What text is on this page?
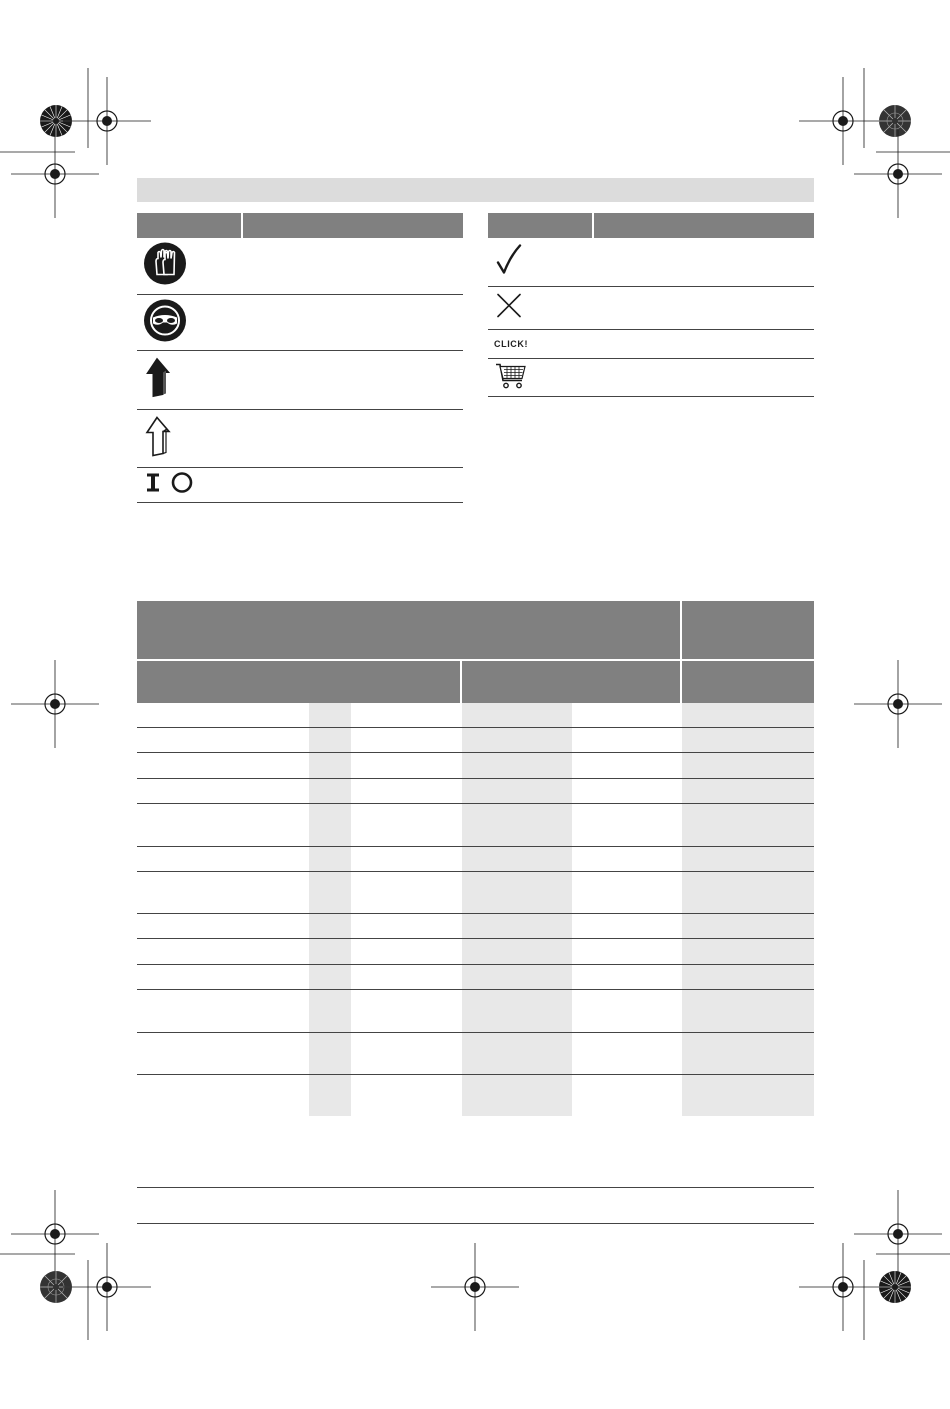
CLICK!
